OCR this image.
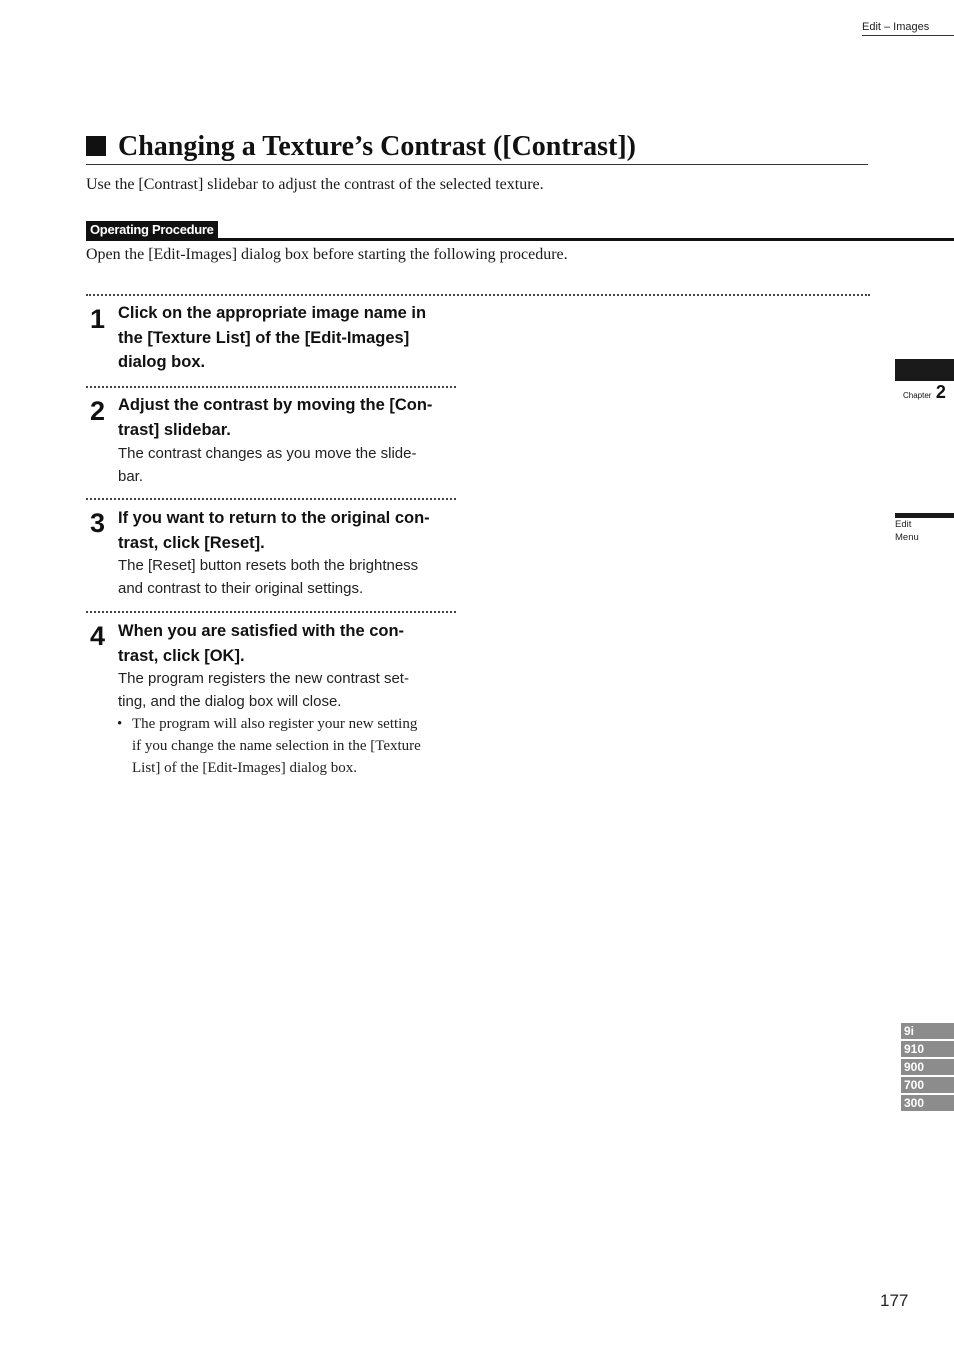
Edit – Images
Changing a Texture’s Contrast ([Contrast])
Use the [Contrast] slidebar to adjust the contrast of the selected texture.
Operating Procedure
Open the [Edit-Images] dialog box before starting the following procedure.
1 Click on the appropriate image name in
the [Texture List] of the [Edit-Images]
dialog box.
2 Adjust the contrast by moving the [Con-
trast] slidebar.
The contrast changes as you move the slide-
bar.
3 If you want to return to the original con-
trast, click [Reset].
The [Reset] button resets both the brightness
and contrast to their original settings.
4 When you are satisfied with the con-
trast, click [OK].
The program registers the new contrast set-
ting, and the dialog box will close.
• The program will also register your new setting
if you change the name selection in the [Texture
List] of the [Edit-Images] dialog box.
Chapter 2
Edit
Menu
9i
910
900
700
300
177
